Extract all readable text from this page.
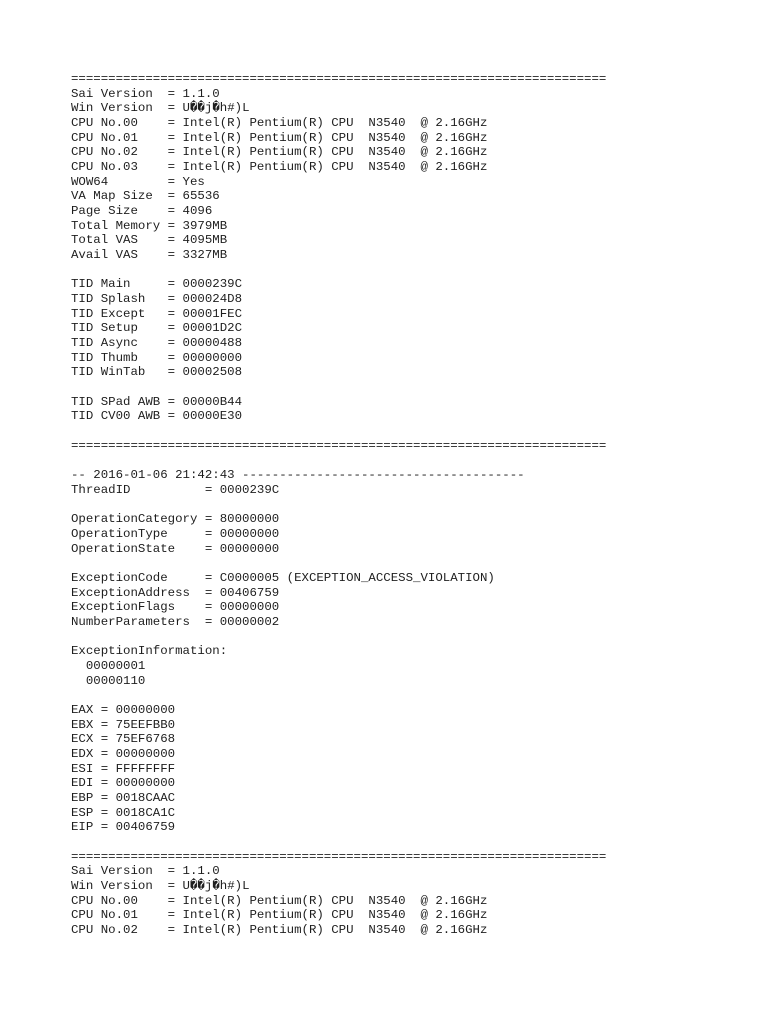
========================================================================
Sai Version  = 1.1.0
Win Version  = U��j�h#)L
CPU No.00    = Intel(R) Pentium(R) CPU  N3540  @ 2.16GHz
CPU No.01    = Intel(R) Pentium(R) CPU  N3540  @ 2.16GHz
CPU No.02    = Intel(R) Pentium(R) CPU  N3540  @ 2.16GHz
CPU No.03    = Intel(R) Pentium(R) CPU  N3540  @ 2.16GHz
WOW64        = Yes
VA Map Size  = 65536
Page Size    = 4096
Total Memory = 3979MB
Total VAS    = 4095MB
Avail VAS    = 3327MB
TID Main     = 0000239C
TID Splash   = 000024D8
TID Except   = 00001FEC
TID Setup    = 00001D2C
TID Async    = 00000488
TID Thumb    = 00000000
TID WinTab   = 00002508
TID SPad AWB = 00000B44
TID CV00 AWB = 00000E30
========================================================================
-- 2016-01-06 21:42:43 --------------------------------------
ThreadID          = 0000239C
OperationCategory = 80000000
OperationType     = 00000000
OperationState    = 00000000
ExceptionCode     = C0000005 (EXCEPTION_ACCESS_VIOLATION)
ExceptionAddress  = 00406759
ExceptionFlags    = 00000000
NumberParameters  = 00000002
ExceptionInformation:
00000001
00000110
EAX = 00000000
EBX = 75EEFBB0
ECX = 75EF6768
EDX = 00000000
ESI = FFFFFFFF
EDI = 00000000
EBP = 0018CAAC
ESP = 0018CA1C
EIP = 00406759
========================================================================
Sai Version  = 1.1.0
Win Version  = U��j�h#)L
CPU No.00    = Intel(R) Pentium(R) CPU  N3540  @ 2.16GHz
CPU No.01    = Intel(R) Pentium(R) CPU  N3540  @ 2.16GHz
CPU No.02    = Intel(R) Pentium(R) CPU  N3540  @ 2.16GHz
